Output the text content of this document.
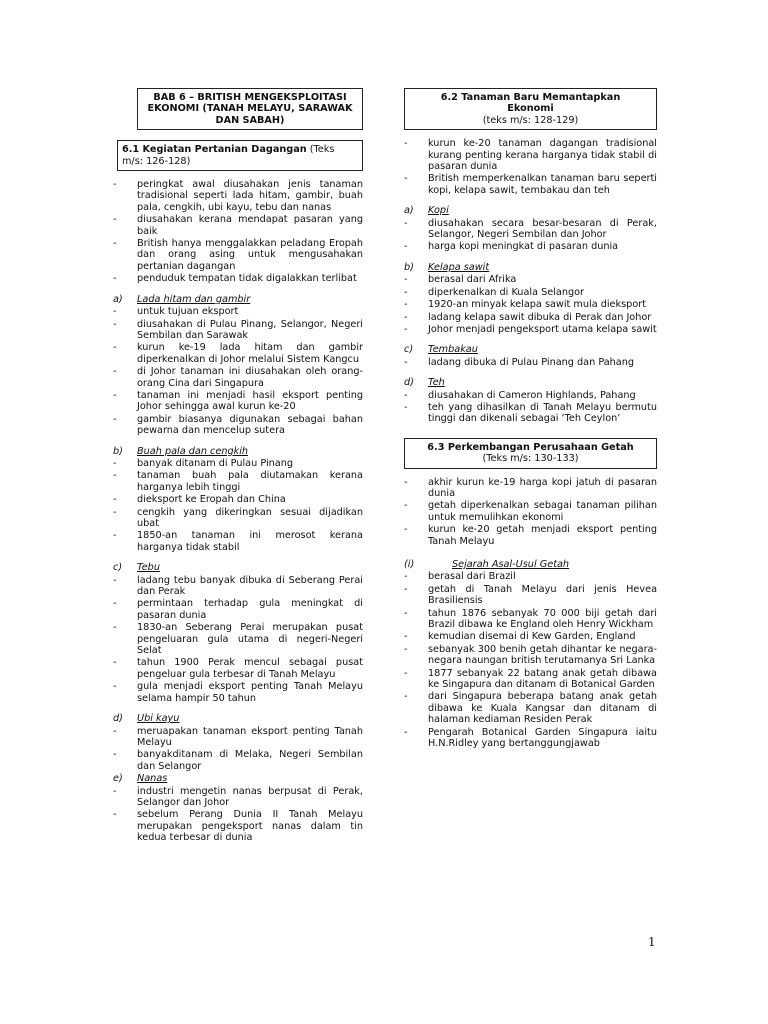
BAB 6 – BRITISH MENGEKSPLOITASI
EKONOMI (TANAH MELAYU, SARAWAK
DAN SABAH)
6.1 Kegiatan Pertanian Dagangan (Teks m/s: 126-128)
- peringkat awal diusahakan jenis tanaman tradisional seperti lada hitam, gambir, buah pala, cengkih, ubi kayu, tebu dan nanas
- diusahakan kerana mendapat pasaran yang baik
- British hanya menggalakkan peladang Eropah dan orang asing untuk mengusahakan pertanian dagangan
- penduduk tempatan tidak digalakkan terlibat
a)	Lada hitam dan gambir
- untuk tujuan eksport
- diusahakan di Pulau Pinang, Selangor, Negeri Sembilan dan Sarawak
- kurun ke-19 lada hitam dan gambir diperkenalkan di Johor melalui Sistem Kangcu
- di Johor tanaman ini diusahakan oleh orang-orang Cina dari Singapura
- tanaman ini menjadi hasil eksport penting Johor sehingga awal kurun ke-20
- gambir biasanya digunakan sebagai bahan pewarna dan mencelup sutera
b)	Buah pala dan cengkih
- banyak ditanam di Pulau Pinang
- tanaman buah pala diutamakan kerana harganya lebih tinggi
- dieksport ke Eropah dan China
- cengkih yang dikeringkan sesuai dijadikan ubat
- 1850-an tanaman ini merosot kerana harganya tidak stabil
c)	Tebu
- ladang tebu banyak dibuka di Seberang Perai dan Perak
- permintaan terhadap gula meningkat di pasaran dunia
- 1830-an Seberang Perai merupakan pusat pengeluaran gula utama di negeri-Negeri Selat
- tahun 1900 Perak mencul sebagai pusat pengeluar gula terbesar di Tanah Melayu
- gula menjadi eksport penting Tanah Melayu selama hampir 50 tahun
d)	Ubi kayu
- meruapakan tanaman eksport penting Tanah Melayu
- banyakditanam di Melaka, Negeri Sembilan dan Selangor
e)	Nanas
- industri mengetin nanas berpusat di Perak, Selangor dan Johor
- sebelum Perang Dunia II Tanah Melayu merupakan pengeksport nanas dalam tin kedua terbesar di dunia
6.2 Tanaman Baru Memantapkan
Ekonomi
(teks m/s: 128-129)
- kurun ke-20 tanaman dagangan tradisional kurang penting kerana harganya tidak stabil di pasaran dunia
- British memperkenalkan tanaman baru seperti kopi, kelapa sawit, tembakau dan teh
a)	Kopi
- diusahakan secara besar-besaran di Perak, Selangor, Negeri Sembilan dan Johor
- harga kopi meningkat di pasaran dunia
b)	Kelapa sawit
- berasal dari Afrika
- diperkenalkan di Kuala Selangor
- 1920-an minyak kelapa sawit mula dieksport
- ladang kelapa sawit dibuka di Perak dan Johor
- Johor menjadi pengeksport utama kelapa sawit
c)	Tembakau
- ladang dibuka di Pulau Pinang dan Pahang
d)	Teh
- diusahakan di Cameron Highlands, Pahang
- teh yang dihasilkan di Tanah Melayu bermutu tinggi dan dikenali sebagai ‘Teh Ceylon’
6.3 Perkembangan Perusahaan Getah
(Teks m/s: 130-133)
- akhir kurun ke-19 harga kopi jatuh di pasaran dunia
- getah diperkenalkan sebagai tanaman pilihan untuk memulihkan ekonomi
- kurun ke-20 getah menjadi eksport penting Tanah Melayu
(i)	Sejarah Asal-Usul Getah
- berasal dari Brazil
- getah di Tanah Melayu dari jenis Hevea Brasiliensis
- tahun 1876 sebanyak 70 000 biji getah dari Brazil dibawa ke England oleh Henry Wickham
- kemudian disemai di Kew Garden, England
- sebanyak 300 benih getah dihantar ke negara-negara naungan british terutamanya Sri Lanka
- 1877 sebanyak 22 batang anak getah dibawa ke Singapura dan ditanam di Botanical Garden
- dari Singapura beberapa batang anak getah dibawa ke Kuala Kangsar dan ditanam di halaman kediaman Residen Perak
- Pengarah Botanical Garden Singapura iaitu H.N.Ridley yang bertanggungjawab
1
